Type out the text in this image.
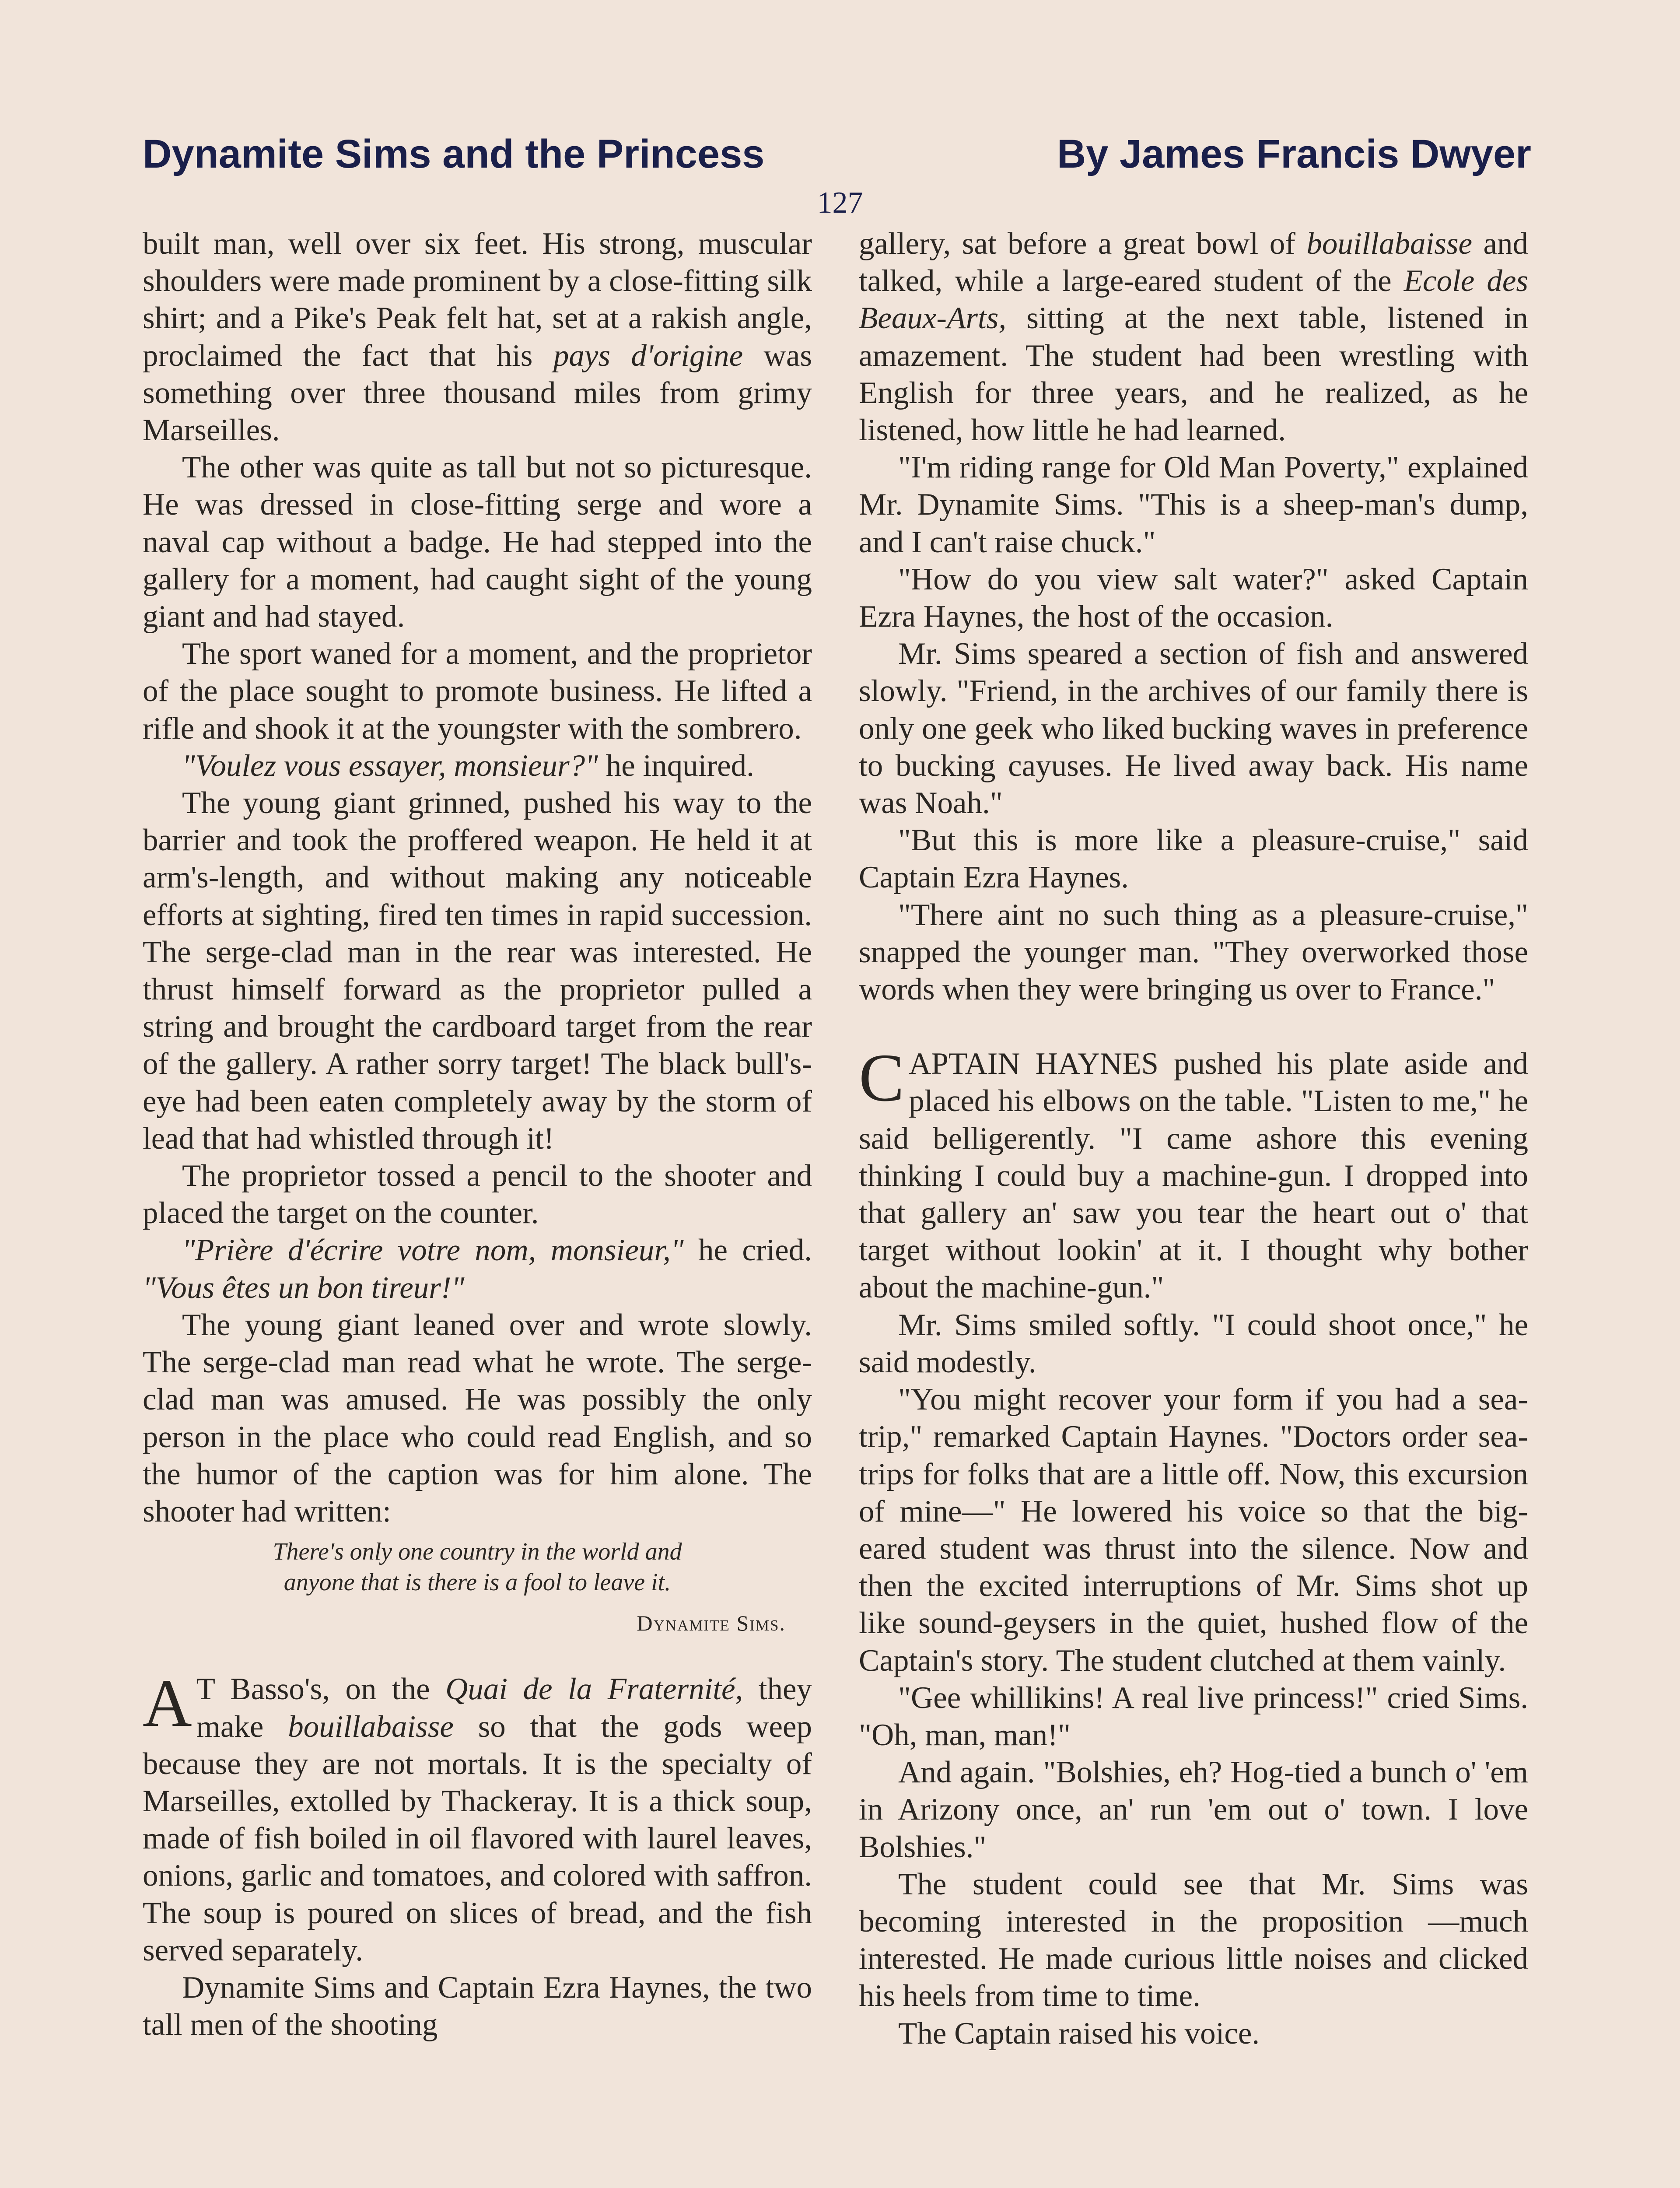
Dynamite Sims and the Princess	By James Francis Dwyer
127

built man, well over six feet. His strong, muscular shoulders were made prominent by a close-fitting silk shirt; and a Pike's Peak felt hat, set at a rakish angle, proclaimed the fact that his pays d'origine was something over three thousand miles from grimy Marseilles.

The other was quite as tall but not so picturesque. He was dressed in close-fitting serge and wore a naval cap without a badge. He had stepped into the gallery for a moment, had caught sight of the young giant and had stayed.

The sport waned for a moment, and the proprietor of the place sought to promote business. He lifted a rifle and shook it at the youngster with the sombrero.

"Voulez vous essayer, monsieur?" he inquired.

The young giant grinned, pushed his way to the barrier and took the proffered weapon. He held it at arm's-length, and without making any noticeable efforts at sighting, fired ten times in rapid succession. The serge-clad man in the rear was interested. He thrust himself forward as the proprietor pulled a string and brought the cardboard target from the rear of the gallery. A rather sorry target! The black bull's-eye had been eaten completely away by the storm of lead that had whistled through it!

The proprietor tossed a pencil to the shooter and placed the target on the counter.

"Prière d'écrire votre nom, monsieur," he cried. "Vous êtes un bon tireur!"

The young giant leaned over and wrote slowly. The serge-clad man read what he wrote. The serge-clad man was amused. He was possibly the only person in the place who could read English, and so the humor of the caption was for him alone. The shooter had written:

There's only one country in the world and
anyone that is there is a fool to leave it.
Dynamite Sims.

A T Basso's, on the Quai de la Fraternité, they make bouillabaisse so that the gods weep because they are not mortals. It is the specialty of Marseilles, extolled by Thackeray. It is a thick soup, made of fish boiled in oil flavored with laurel leaves, onions, garlic and tomatoes, and colored with saffron. The soup is poured on slices of bread, and the fish served separately.

Dynamite Sims and Captain Ezra Haynes, the two tall men of the shooting

gallery, sat before a great bowl of bouillabaisse and talked, while a large-eared student of the Ecole des Beaux-Arts, sitting at the next table, listened in amazement. The student had been wrestling with English for three years, and he realized, as he listened, how little he had learned.

"I'm riding range for Old Man Poverty," explained Mr. Dynamite Sims. "This is a sheep-man's dump, and I can't raise chuck."

"How do you view salt water?" asked Captain Ezra Haynes, the host of the occasion.

Mr. Sims speared a section of fish and answered slowly. "Friend, in the archives of our family there is only one geek who liked bucking waves in preference to bucking cayuses. He lived away back. His name was Noah."

"But this is more like a pleasure-cruise," said Captain Ezra Haynes.

"There aint no such thing as a pleasure-cruise," snapped the younger man. "They overworked those words when they were bringing us over to France."

CAPTAIN HAYNES pushed his plate aside and placed his elbows on the table. "Listen to me," he said belligerently. "I came ashore this evening thinking I could buy a machine-gun. I dropped into that gallery an' saw you tear the heart out o' that target without lookin' at it. I thought why bother about the machine-gun."

Mr. Sims smiled softly. "I could shoot once," he said modestly.

"You might recover your form if you had a sea-trip," remarked Captain Haynes. "Doctors order sea-trips for folks that are a little off. Now, this excursion of mine—" He lowered his voice so that the big-eared student was thrust into the silence. Now and then the excited interruptions of Mr. Sims shot up like sound-geysers in the quiet, hushed flow of the Captain's story. The student clutched at them vainly.

"Gee whillikins! A real live princess!" cried Sims. "Oh, man, man!"

And again. "Bolshies, eh? Hog-tied a bunch o' 'em in Arizony once, an' run 'em out o' town. I love Bolshies."

The student could see that Mr. Sims was becoming interested in the proposition —much interested. He made curious little noises and clicked his heels from time to time.

The Captain raised his voice.
